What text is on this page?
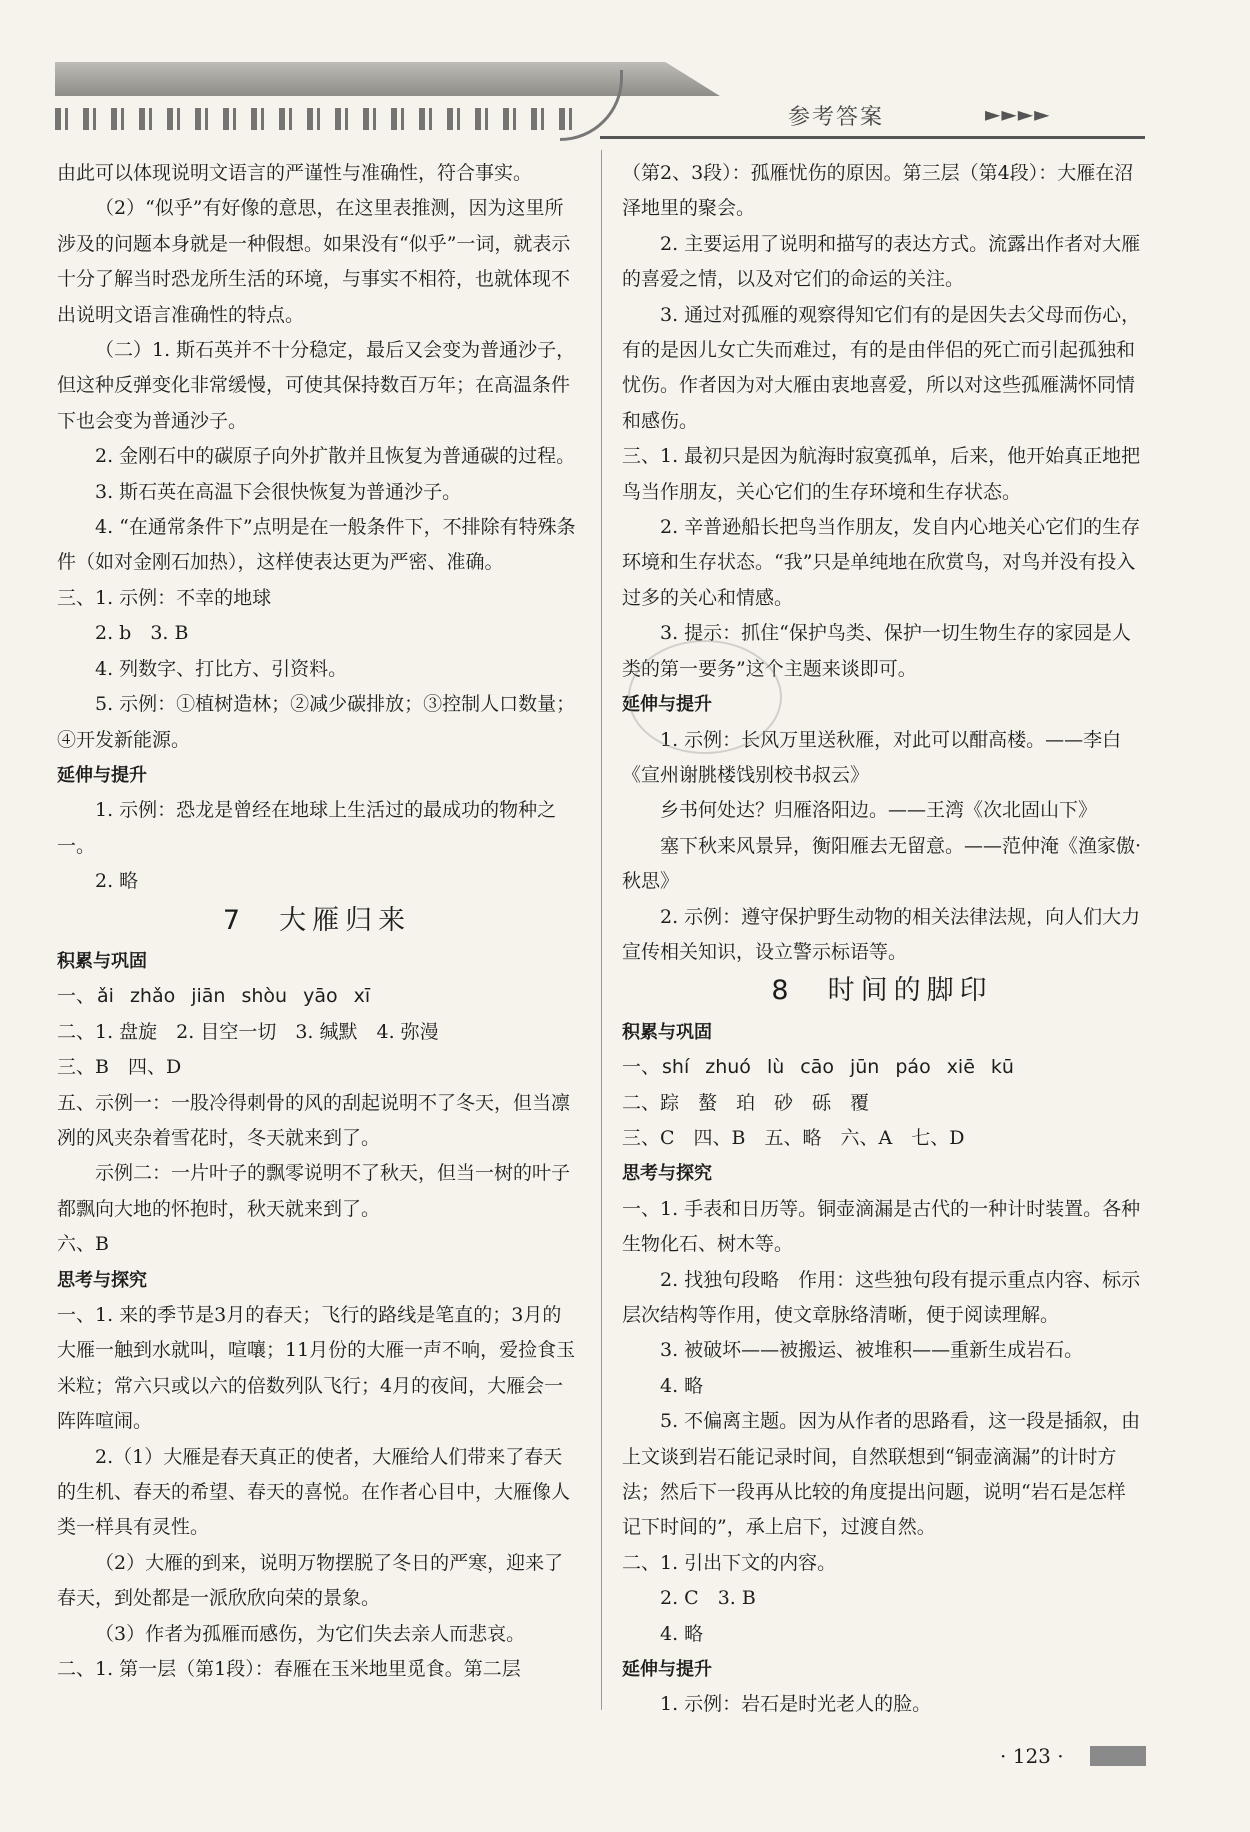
参考答案	►►►►

由此可以体现说明文语言的严谨性与准确性，符合事实。

（2）“似乎”有好像的意思，在这里表推测，因为这里所涉及的问题本身就是一种假想。如果没有“似乎”一词，就表示十分了解当时恐龙所生活的环境，与事实不相符，也就体现不出说明文语言准确性的特点。

（二）1. 斯石英并不十分稳定，最后又会变为普通沙子，但这种反弹变化非常缓慢，可使其保持数百万年；在高温条件下也会变为普通沙子。

2. 金刚石中的碳原子向外扩散并且恢复为普通碳的过程。

3. 斯石英在高温下会很快恢复为普通沙子。

4. “在通常条件下”点明是在一般条件下，不排除有特殊条件（如对金刚石加热），这样使表达更为严密、准确。

三、1. 示例：不幸的地球

2. b　3. B

4. 列数字、打比方、引资料。

5. 示例：①植树造林；②减少碳排放；③控制人口数量；④开发新能源。

延伸与提升

1. 示例：恐龙是曾经在地球上生活过的最成功的物种之一。

2. 略

7　大雁归来

积累与巩固

一、 ǎi zhǎo jiān shòu yāo xī

二、1. 盘旋　2. 目空一切　3. 缄默　4. 弥漫

三、B　四、D

五、示例一：一股冷得刺骨的风的刮起说明不了冬天，但当凛冽的风夹杂着雪花时，冬天就来到了。

示例二：一片叶子的飘零说明不了秋天，但当一树的叶子都飘向大地的怀抱时，秋天就来到了。

六、B

思考与探究

一、1. 来的季节是3月的春天；飞行的路线是笔直的；3月的大雁一触到水就叫，喧嚷；11月份的大雁一声不响，爱捡食玉米粒；常六只或以六的倍数列队飞行；4月的夜间，大雁会一阵阵喧闹。

2.（1）大雁是春天真正的使者，大雁给人们带来了春天的生机、春天的希望、春天的喜悦。在作者心目中，大雁像人类一样具有灵性。

（2）大雁的到来，说明万物摆脱了冬日的严寒，迎来了春天，到处都是一派欣欣向荣的景象。

（3）作者为孤雁而感伤，为它们失去亲人而悲哀。

二、1. 第一层（第1段）：春雁在玉米地里觅食。第二层

（第2、3段）：孤雁忧伤的原因。第三层（第4段）：大雁在沼泽地里的聚会。

2. 主要运用了说明和描写的表达方式。流露出作者对大雁的喜爱之情，以及对它们的命运的关注。

3. 通过对孤雁的观察得知它们有的是因失去父母而伤心，有的是因儿女亡失而难过，有的是由伴侣的死亡而引起孤独和忧伤。作者因为对大雁由衷地喜爱，所以对这些孤雁满怀同情和感伤。

三、1. 最初只是因为航海时寂寞孤单，后来，他开始真正地把鸟当作朋友，关心它们的生存环境和生存状态。

2. 辛普逊船长把鸟当作朋友，发自内心地关心它们的生存环境和生存状态。“我”只是单纯地在欣赏鸟，对鸟并没有投入过多的关心和情感。

3. 提示：抓住“保护鸟类、保护一切生物生存的家园是人类的第一要务”这个主题来谈即可。

延伸与提升

1. 示例：长风万里送秋雁，对此可以酣高楼。——李白《宣州谢朓楼饯别校书叔云》

乡书何处达？归雁洛阳边。——王湾《次北固山下》

塞下秋来风景异，衡阳雁去无留意。——范仲淹《渔家傲·秋思》

2. 示例：遵守保护野生动物的相关法律法规，向人们大力宣传相关知识，设立警示标语等。

8　时间的脚印

积累与巩固

一、 shí zhuó lù cāo jūn páo xiē kū

二、踪　螯　珀　砂　砾　覆

三、C　四、B　五、略　六、A　七、D

思考与探究

一、1. 手表和日历等。铜壶滴漏是古代的一种计时装置。各种生物化石、树木等。

2. 找独句段略　作用：这些独句段有提示重点内容、标示层次结构等作用，使文章脉络清晰，便于阅读理解。

3. 被破坏——被搬运、被堆积——重新生成岩石。

4. 略

5. 不偏离主题。因为从作者的思路看，这一段是插叙，由上文谈到岩石能记录时间，自然联想到“铜壶滴漏”的计时方法；然后下一段再从比较的角度提出问题，说明“岩石是怎样记下时间的”，承上启下，过渡自然。

二、1. 引出下文的内容。

2. C　3. B

4. 略

延伸与提升

1. 示例：岩石是时光老人的脸。

· 123 ·
